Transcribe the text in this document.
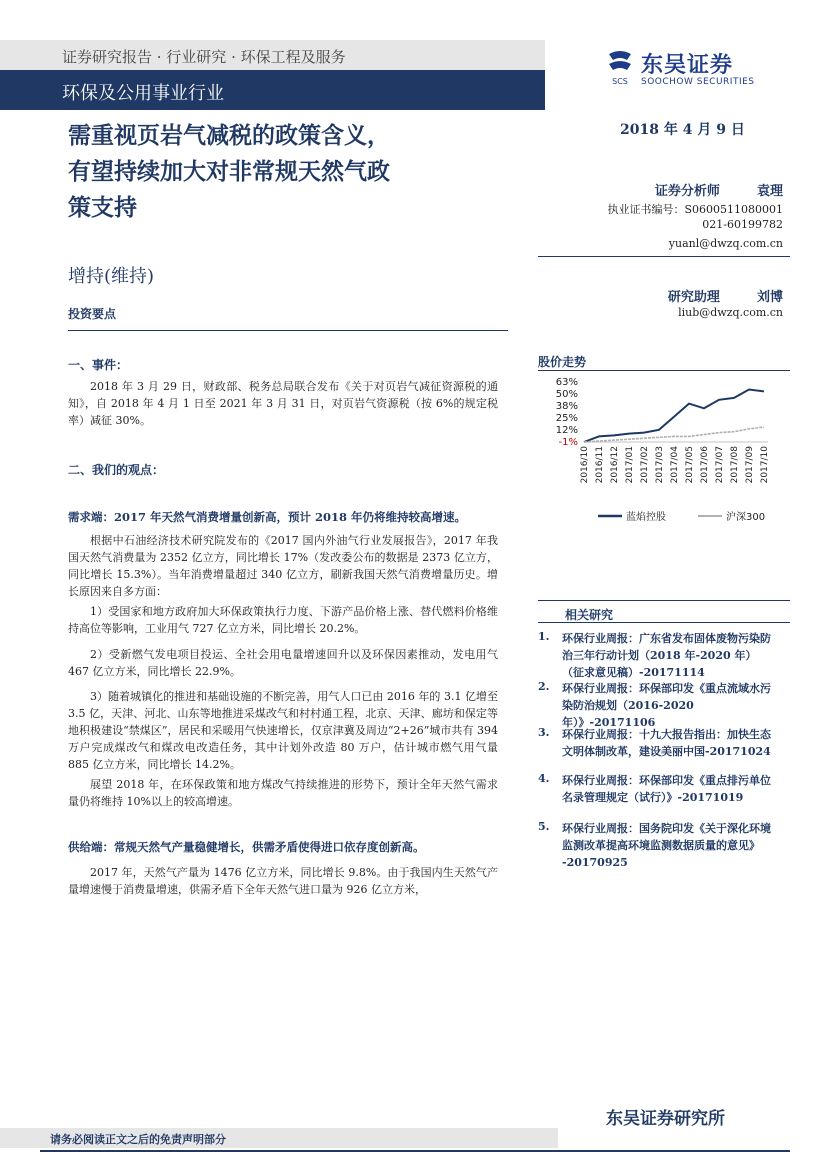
证券研究报告 · 行业研究 · 环保工程及服务
环保及公用事业行业
SCS
东吴证券
SOOCHOW SECURITIES
需重视页岩气减税的政策含义，
有望持续加大对非常规天然气政
策支持
2018 年 4 月 9 日
增持(维持)
投资要点
证券分析师	袁理
执业证书编号：S0600511080001
021-60199782
yuanl@dwzq.com.cn
研究助理	刘博
liub@dwzq.com.cn
一、事件：
2018 年 3 月 29 日，财政部、税务总局联合发布《关于对页岩气减征资源税的通知》，自 2018 年 4 月 1 日至 2021 年 3 月 31 日，对页岩气资源税（按 6%的规定税率）减征 30%。
二、我们的观点：
需求端：2017 年天然气消费增量创新高，预计 2018 年仍将维持较高增速。
根据中石油经济技术研究院发布的《2017 国内外油气行业发展报告》，2017 年我国天然气消费量为 2352 亿立方，同比增长 17%（发改委公布的数据是 2373 亿立方，同比增长 15.3%）。当年消费增量超过 340 亿立方，刷新我国天然气消费增量历史。增长原因来自多方面：
1）受国家和地方政府加大环保政策执行力度、下游产品价格上涨、替代燃料价格维持高位等影响，工业用气 727 亿立方米，同比增长 20.2%。
2）受新燃气发电项目投运、全社会用电量增速回升以及环保因素推动，发电用气 467 亿立方米，同比增长 22.9%。
3）随着城镇化的推进和基础设施的不断完善，用气人口已由 2016 年的 3.1 亿增至 3.5 亿，天津、河北、山东等地推进采煤改气和村村通工程，北京、天津、廊坊和保定等地积极建设“禁煤区”，居民和采暖用气快速增长，仅京津冀及周边“2+26”城市共有 394 万户完成煤改气和煤改电改造任务，其中计划外改造 80 万户，估计城市燃气用气量 885 亿立方米，同比增长 14.2%。
展望 2018 年，在环保政策和地方煤改气持续推进的形势下，预计全年天然气需求量仍将维持 10%以上的较高增速。
供给端：常规天然气产量稳健增长，供需矛盾使得进口依存度创新高。
2017 年，天然气产量为 1476 亿立方米，同比增长 9.8%。由于我国内生天然气产量增速慢于消费量增速，供需矛盾下全年天然气进口量为 926 亿立方米，
股价走势
63%
50%
38%
25%
12%
-1%
2016/10 2016/11 2016/12 2017/01 2017/02 2017/03 2017/04 2017/05 2017/06 2017/07 2017/08 2017/09 2017/10
蓝焰控股	沪深300
相关研究
1. 环保行业周报：广东省发布固体废物污染防治三年行动计划（2018 年-2020 年）（征求意见稿）-20171114
2. 环保行业周报：环保部印发《重点流域水污染防治规划（2016-2020 年）》-20171106
3. 环保行业周报：十九大报告指出：加快生态文明体制改革，建设美丽中国-20171024
4. 环保行业周报：环保部印发《重点排污单位名录管理规定（试行）》-20171019
5. 环保行业周报：国务院印发《关于深化环境监测改革提高环境监测数据质量的意见》 -20170925
东吴证券研究所
请务必阅读正文之后的免责声明部分
